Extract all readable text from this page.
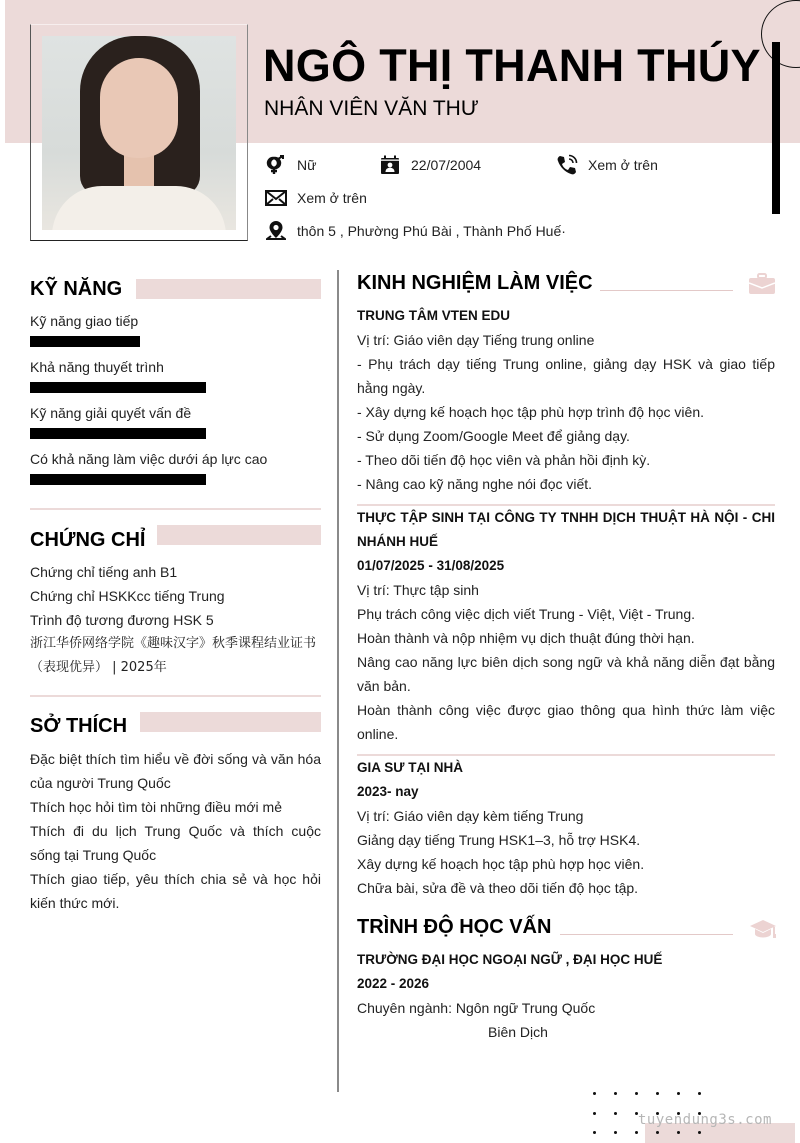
NGÔ THỊ THANH THÚY
NHÂN VIÊN VĂN THƯ
Nữ	22/07/2004	Xem ở trên
Xem ở trên
thôn 5 , Phường Phú Bài , Thành Phố Huế·
KỸ NĂNG
Kỹ năng giao tiếp
Khả năng thuyết trình
Kỹ năng giải quyết vấn đề
Có khả năng làm việc dưới áp lực cao
CHỨNG CHỈ
Chứng chỉ tiếng anh B1
Chứng chỉ HSKKcc tiếng Trung
Trình độ tương đương HSK 5
浙江华侨网络学院《趣味汉字》秋季课程结业证书（表现优异） | 2025年
SỞ THÍCH
Đặc biệt thích tìm hiểu về đời sống và văn hóa của người Trung Quốc
Thích học hỏi tìm tòi những điều mới mẻ
Thích đi du lịch Trung Quốc và thích cuộc sống tại Trung Quốc
Thích giao tiếp, yêu thích chia sẻ và học hỏi kiến thức mới.
KINH NGHIỆM LÀM VIỆC
TRUNG TÂM VTEN EDU
Vị trí: Giáo viên dạy Tiếng trung online
- Phụ trách dạy tiếng Trung online, giảng dạy HSK và giao tiếp hằng ngày.
- Xây dựng kế hoạch học tập phù hợp trình độ học viên.
- Sử dụng Zoom/Google Meet để giảng dạy.
- Theo dõi tiến độ học viên và phản hồi định kỳ.
- Nâng cao kỹ năng nghe nói đọc viết.
THỰC TẬP SINH TẠI CÔNG TY TNHH DỊCH THUẬT HÀ NỘI - CHI NHÁNH HUẾ
01/07/2025 - 31/08/2025
Vị trí: Thực tập sinh
Phụ trách công việc dịch viết Trung - Việt, Việt - Trung.
Hoàn thành và nộp nhiệm vụ dịch thuật đúng thời hạn.
Nâng cao năng lực biên dịch song ngữ và khả năng diễn đạt bằng văn bản.
Hoàn thành công việc được giao thông qua hình thức làm việc online.
GIA SƯ TẠI NHÀ
2023- nay
Vị trí: Giáo viên dạy kèm tiếng Trung
Giảng dạy tiếng Trung HSK1–3, hỗ trợ HSK4.
Xây dựng kế hoạch học tập phù hợp học viên.
Chữa bài, sửa đề và theo dõi tiến độ học tập.
TRÌNH ĐỘ HỌC VẤN
TRƯỜNG ĐẠI HỌC NGOẠI NGỮ , ĐẠI HỌC HUẾ
2022 - 2026
Chuyên ngành: Ngôn ngữ Trung Quốc
Biên Dịch
tuyendung3s.com
